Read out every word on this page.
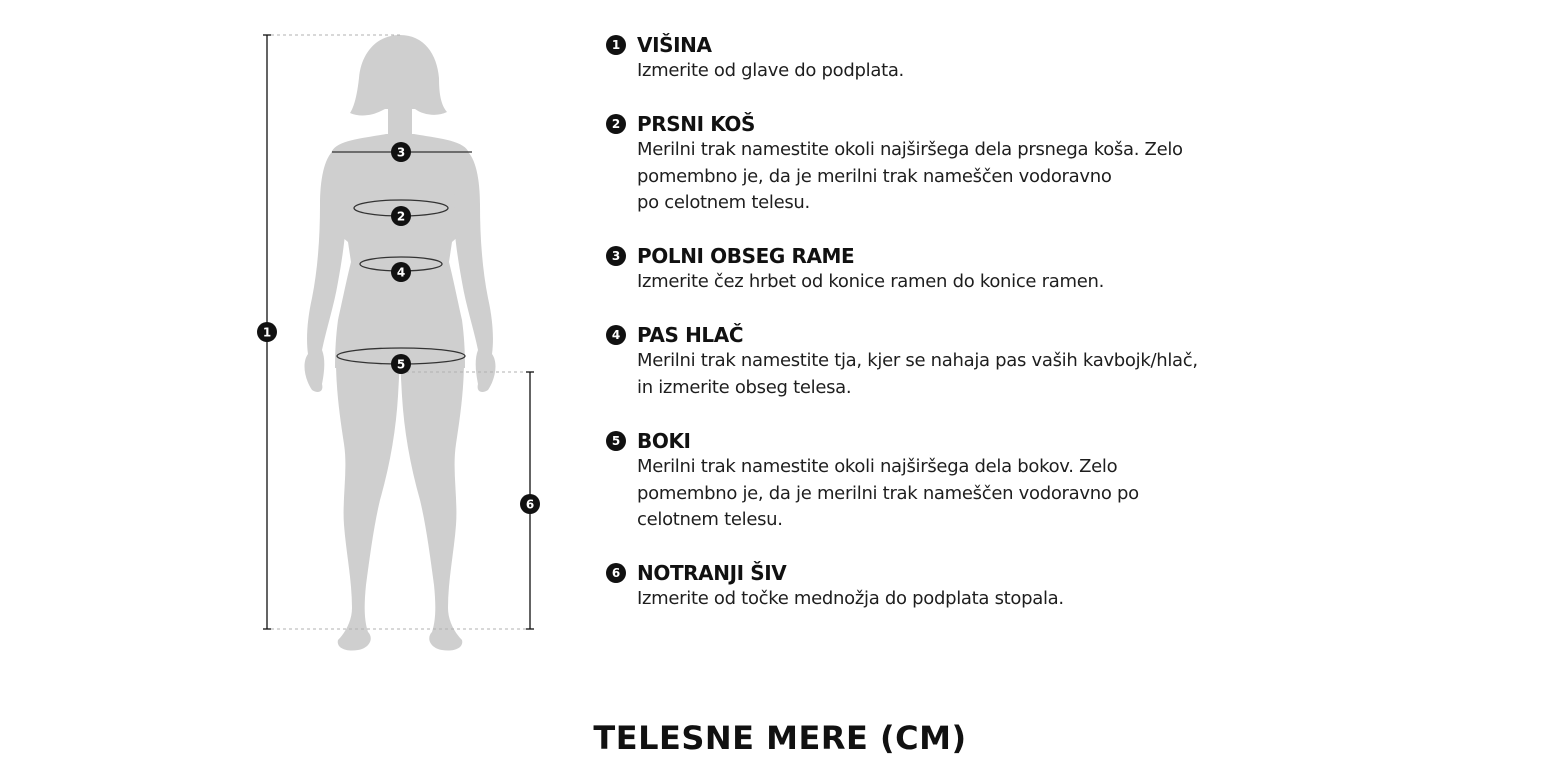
1
3
2
4
5
6
1 VIŠINA
Izmerite od glave do podplata.
2 PRSNI KOŠ
Merilni trak namestite okoli najširšega dela prsnega koša. Zelo
pomembno je, da je merilni trak nameščen vodoravno
po celotnem telesu.
3 POLNI OBSEG RAME
Izmerite čez hrbet od konice ramen do konice ramen.
4 PAS HLAČ
Merilni trak namestite tja, kjer se nahaja pas vaših kavbojk/hlač,
in izmerite obseg telesa.
5 BOKI
Merilni trak namestite okoli najširšega dela bokov. Zelo
pomembno je, da je merilni trak nameščen vodoravno po
celotnem telesu.
6 NOTRANJI ŠIV
Izmerite od točke mednožja do podplata stopala.
TELESNE MERE (CM)
